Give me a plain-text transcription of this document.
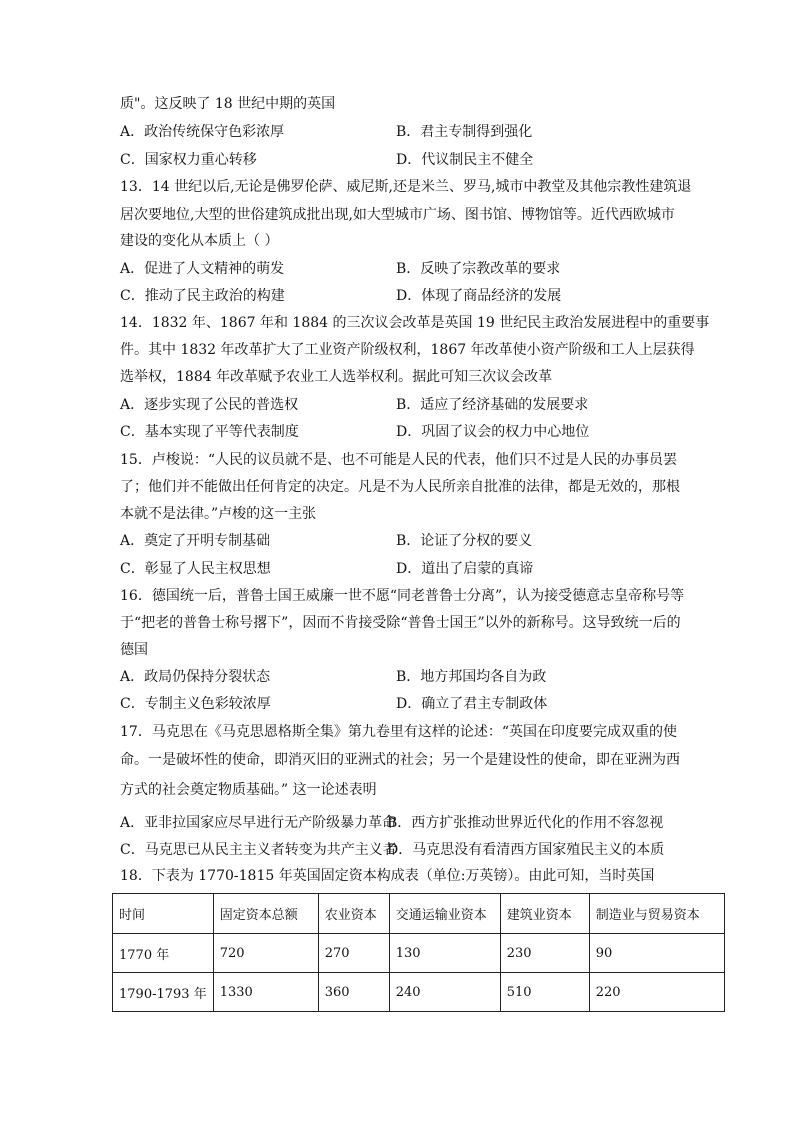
质"。这反映了 18 世纪中期的英国
A．政治传统保守色彩浓厚	B．君主专制得到强化
C．国家权力重心转移	D．代议制民主不健全
13．14 世纪以后,无论是佛罗伦萨、威尼斯,还是米兰、罗马,城市中教堂及其他宗教性建筑退
居次要地位,大型的世俗建筑成批出现,如大型城市广场、图书馆、博物馆等。近代西欧城市
建设的变化从本质上（ ）
A．促进了人文精神的萌发	B．反映了宗教改革的要求
C．推动了民主政治的构建	D．体现了商品经济的发展
14．1832 年、1867 年和 1884 的三次议会改革是英国 19 世纪民主政治发展进程中的重要事
件。其中 1832 年改革扩大了工业资产阶级权利，1867 年改革使小资产阶级和工人上层获得
选举权，1884 年改革赋予农业工人选举权利。据此可知三次议会改革
A．逐步实现了公民的普选权	B．适应了经济基础的发展要求
C．基本实现了平等代表制度	D．巩固了议会的权力中心地位
15．卢梭说：“人民的议员就不是、也不可能是人民的代表，他们只不过是人民的办事员罢
了；他们并不能做出任何肯定的决定。凡是不为人民所亲自批准的法律，都是无效的，那根
本就不是法律。”卢梭的这一主张
A．奠定了开明专制基础	B．论证了分权的要义
C．彰显了人民主权思想	D．道出了启蒙的真谛
16．德国统一后，普鲁士国王威廉一世不愿“同老普鲁士分离”，认为接受德意志皇帝称号等
于“把老的普鲁士称号撂下”，因而不肯接受除“普鲁士国王”以外的新称号。这导致统一后的
德国
A．政局仍保持分裂状态	B．地方邦国均各自为政
C．专制主义色彩较浓厚	D．确立了君主专制政体
17．马克思在《马克思恩格斯全集》第九卷里有这样的论述：“英国在印度要完成双重的使
命。一是破坏性的使命，即消灭旧的亚洲式的社会；另一个是建设性的使命，即在亚洲为西
方式的社会奠定物质基础。” 这一论述表明
A．亚非拉国家应尽早进行无产阶级暴力革命
B．西方扩张推动世界近代化的作用不容忽视
C．马克思已从民主主义者转变为共产主义者
D．马克思没有看清西方国家殖民主义的本质
18．下表为 1770-1815 年英国固定资本构成表（单位:万英镑）。由此可知，当时英国
时间	固定资本总额	农业资本	交通运输业资本	建筑业资本	制造业与贸易资本
1770 年	720	270	130	230	90
1790-1793 年	1330	360	240	510	220
